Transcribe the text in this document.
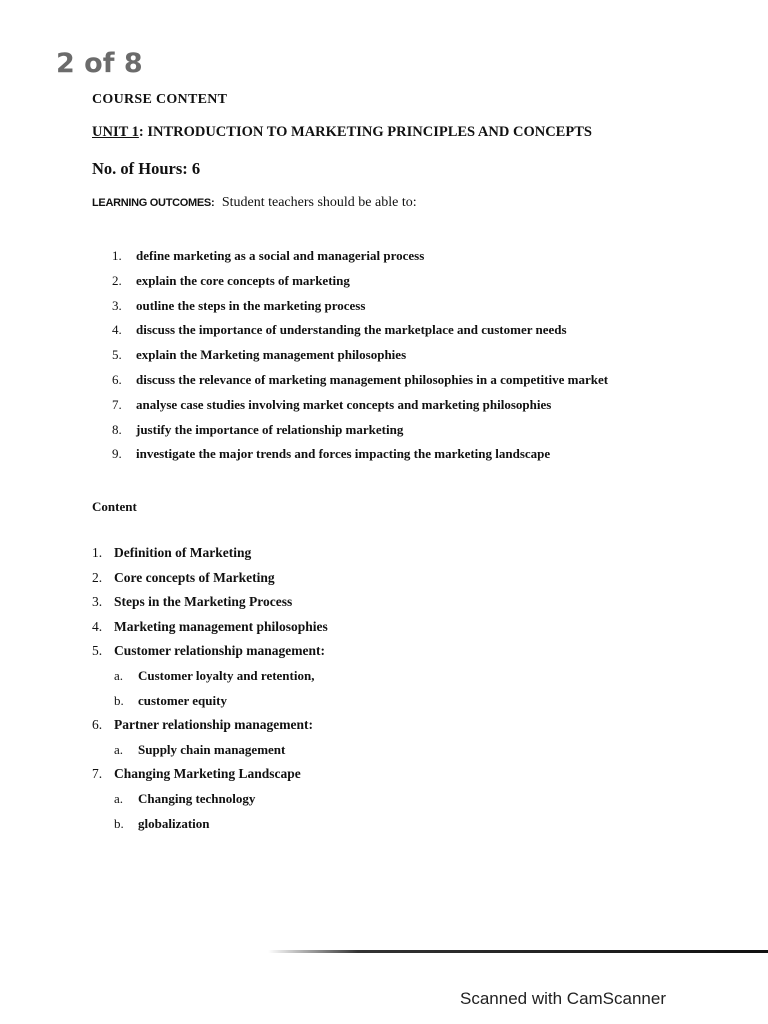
2 of 8
COURSE CONTENT
UNIT 1: INTRODUCTION TO MARKETING PRINCIPLES AND CONCEPTS
No. of Hours: 6
LEARNING OUTCOMES: Student teachers should be able to:
1. define marketing as a social and managerial process
2. explain the core concepts of marketing
3. outline the steps in the marketing process
4. discuss the importance of understanding the marketplace and customer needs
5. explain the Marketing management philosophies
6. discuss the relevance of marketing management philosophies in a competitive market
7. analyse case studies involving market concepts and marketing philosophies
8. justify the importance of relationship marketing
9. investigate the major trends and forces impacting the marketing landscape
Content
1. Definition of Marketing
2. Core concepts of Marketing
3. Steps in the Marketing Process
4. Marketing management philosophies
5. Customer relationship management:
a. Customer loyalty and retention,
b. customer equity
6. Partner relationship management:
a. Supply chain management
7. Changing Marketing Landscape
a. Changing technology
b. globalization
Scanned with CamScanner
